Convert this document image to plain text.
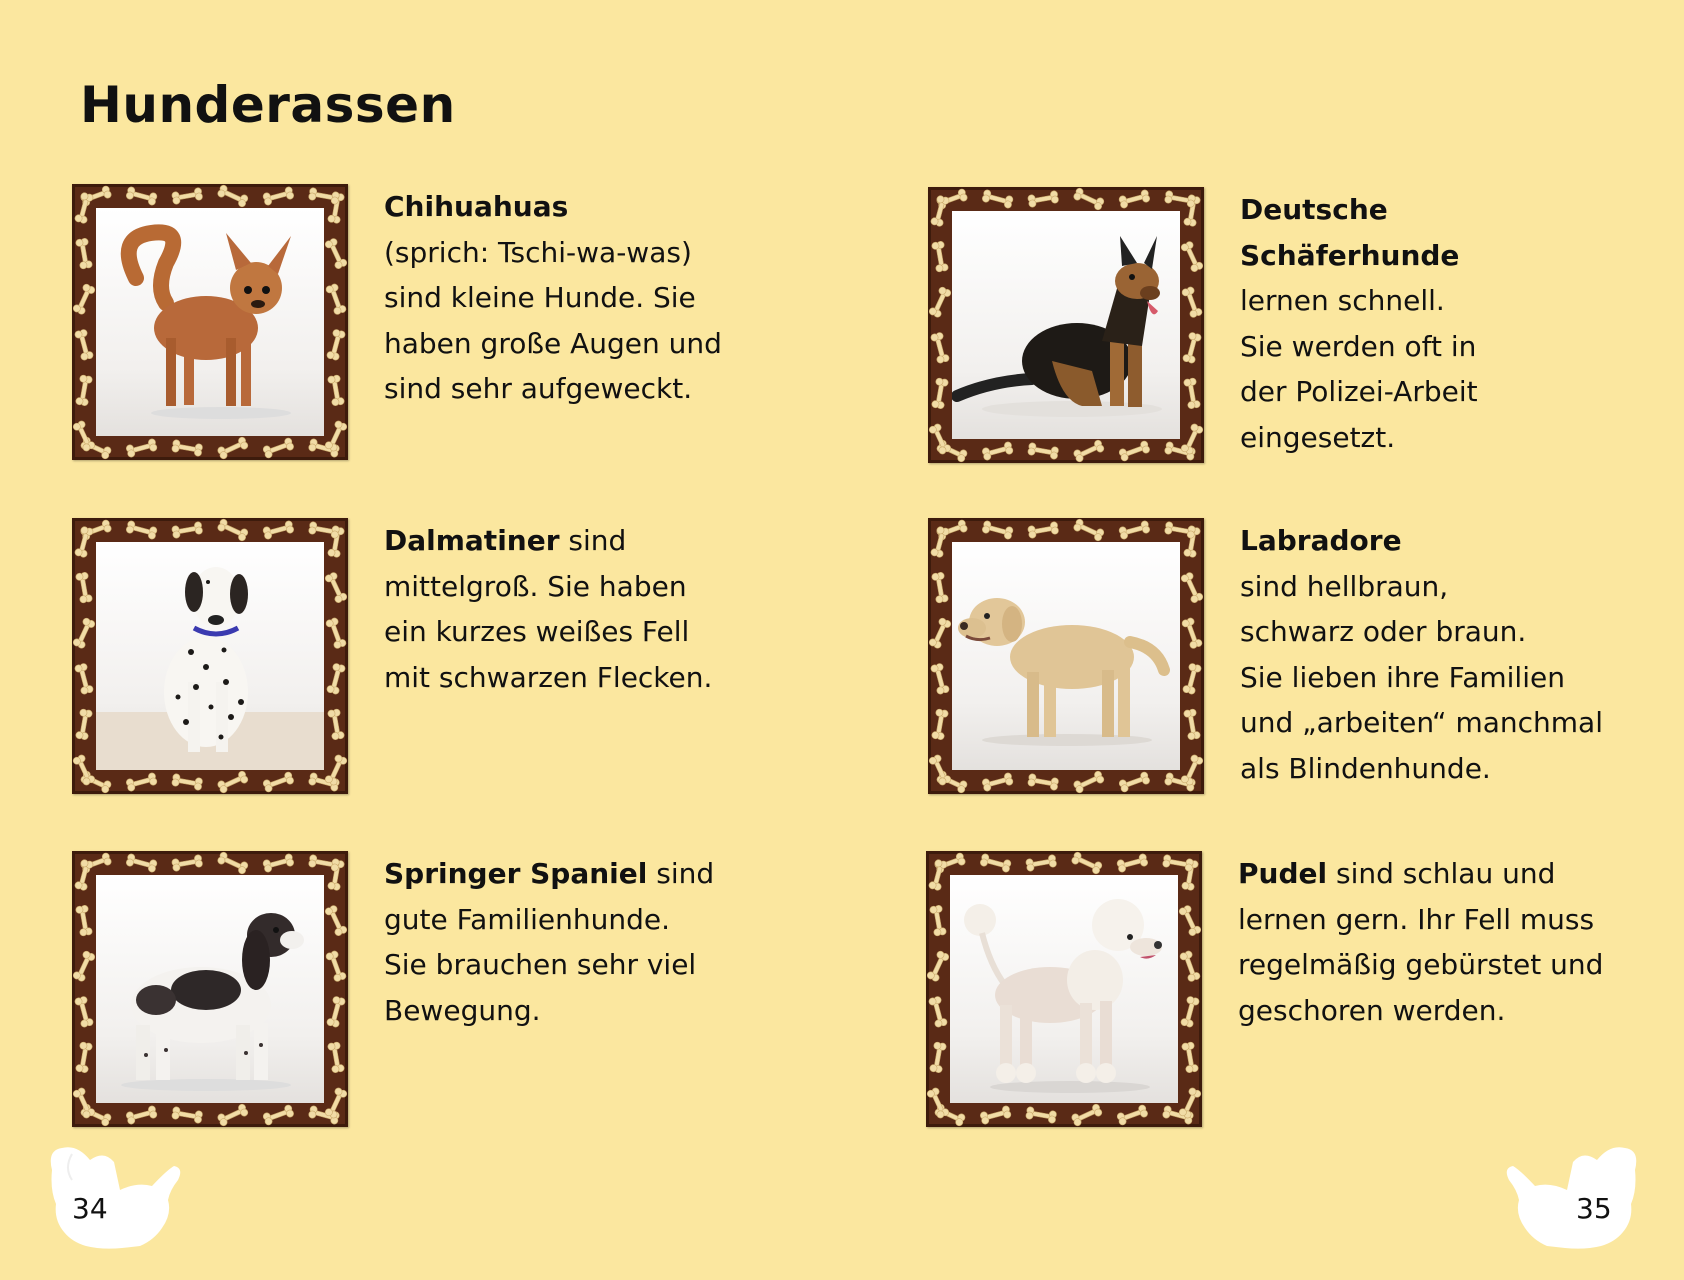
Hunderassen

Chihuahuas
(sprich: Tschi-wa-was)
sind kleine Hunde. Sie
haben große Augen und
sind sehr aufgeweckt.

Deutsche
Schäferhunde
lernen schnell.
Sie werden oft in
der Polizei-Arbeit
eingesetzt.

Dalmatiner sind
mittelgroß. Sie haben
ein kurzes weißes Fell
mit schwarzen Flecken.

Labradore
sind hellbraun,
schwarz oder braun.
Sie lieben ihre Familien
und „arbeiten“ manchmal
als Blindenhunde.

Springer Spaniel sind
gute Familienhunde.
Sie brauchen sehr viel
Bewegung.

Pudel sind schlau und
lernen gern. Ihr Fell muss
regelmäßig gebürstet und
geschoren werden.

34	35
